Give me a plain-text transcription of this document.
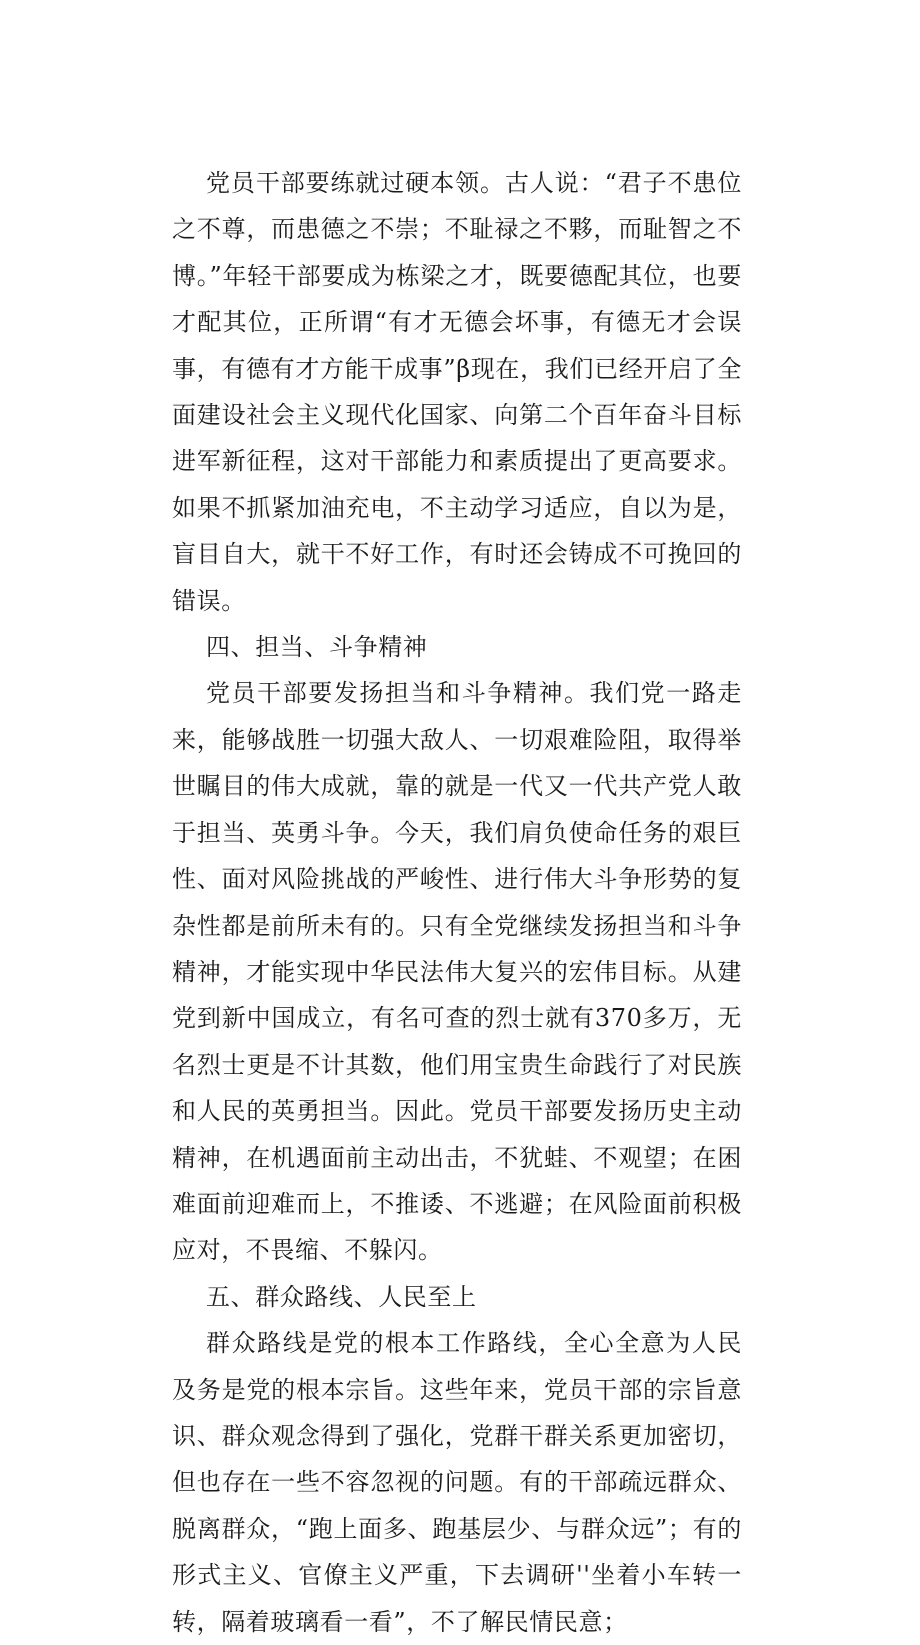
党员干部要练就过硬本领。古人说：“君子不患位之不尊，而患德之不崇；不耻禄之不夥，而耻智之不博。”年轻干部要成为栋梁之才，既要德配其位，也要才配其位，正所谓“有才无德会坏事，有德无才会误事，有德有才方能干成事”β现在，我们已经开启了全面建设社会主义现代化国家、向第二个百年奋斗目标进军新征程，这对干部能力和素质提出了更高要求。如果不抓紧加油充电，不主动学习适应，自以为是，盲目自大，就干不好工作，有时还会铸成不可挽回的错误。

四、担当、斗争精神

党员干部要发扬担当和斗争精神。我们党一路走来，能够战胜一切强大敌人、一切艰难险阻，取得举世瞩目的伟大成就，靠的就是一代又一代共产党人敢于担当、英勇斗争。今天，我们肩负使命任务的艰巨性、面对风险挑战的严峻性、进行伟大斗争形势的复杂性都是前所未有的。只有全党继续发扬担当和斗争精神，才能实现中华民法伟大复兴的宏伟目标。从建党到新中国成立，有名可查的烈士就有370多万，无名烈士更是不计其数，他们用宝贵生命践行了对民族和人民的英勇担当。因此。党员干部要发扬历史主动精神，在机遇面前主动出击，不犹蛙、不观望；在困难面前迎难而上，不推诿、不逃避；在风险面前积极应对，不畏缩、不躲闪。

五、群众路线、人民至上

群众路线是党的根本工作路线，全心全意为人民及务是党的根本宗旨。这些年来，党员干部的宗旨意识、群众观念得到了强化，党群干群关系更加密切，但也存在一些不容忽视的问题。有的干部疏远群众、脱离群众，“跑上面多、跑基层少、与群众远”；有的形式主义、官僚主义严重，下去调研''坐着小车转一转，隔着玻璃看一看”，不了解民情民意；
